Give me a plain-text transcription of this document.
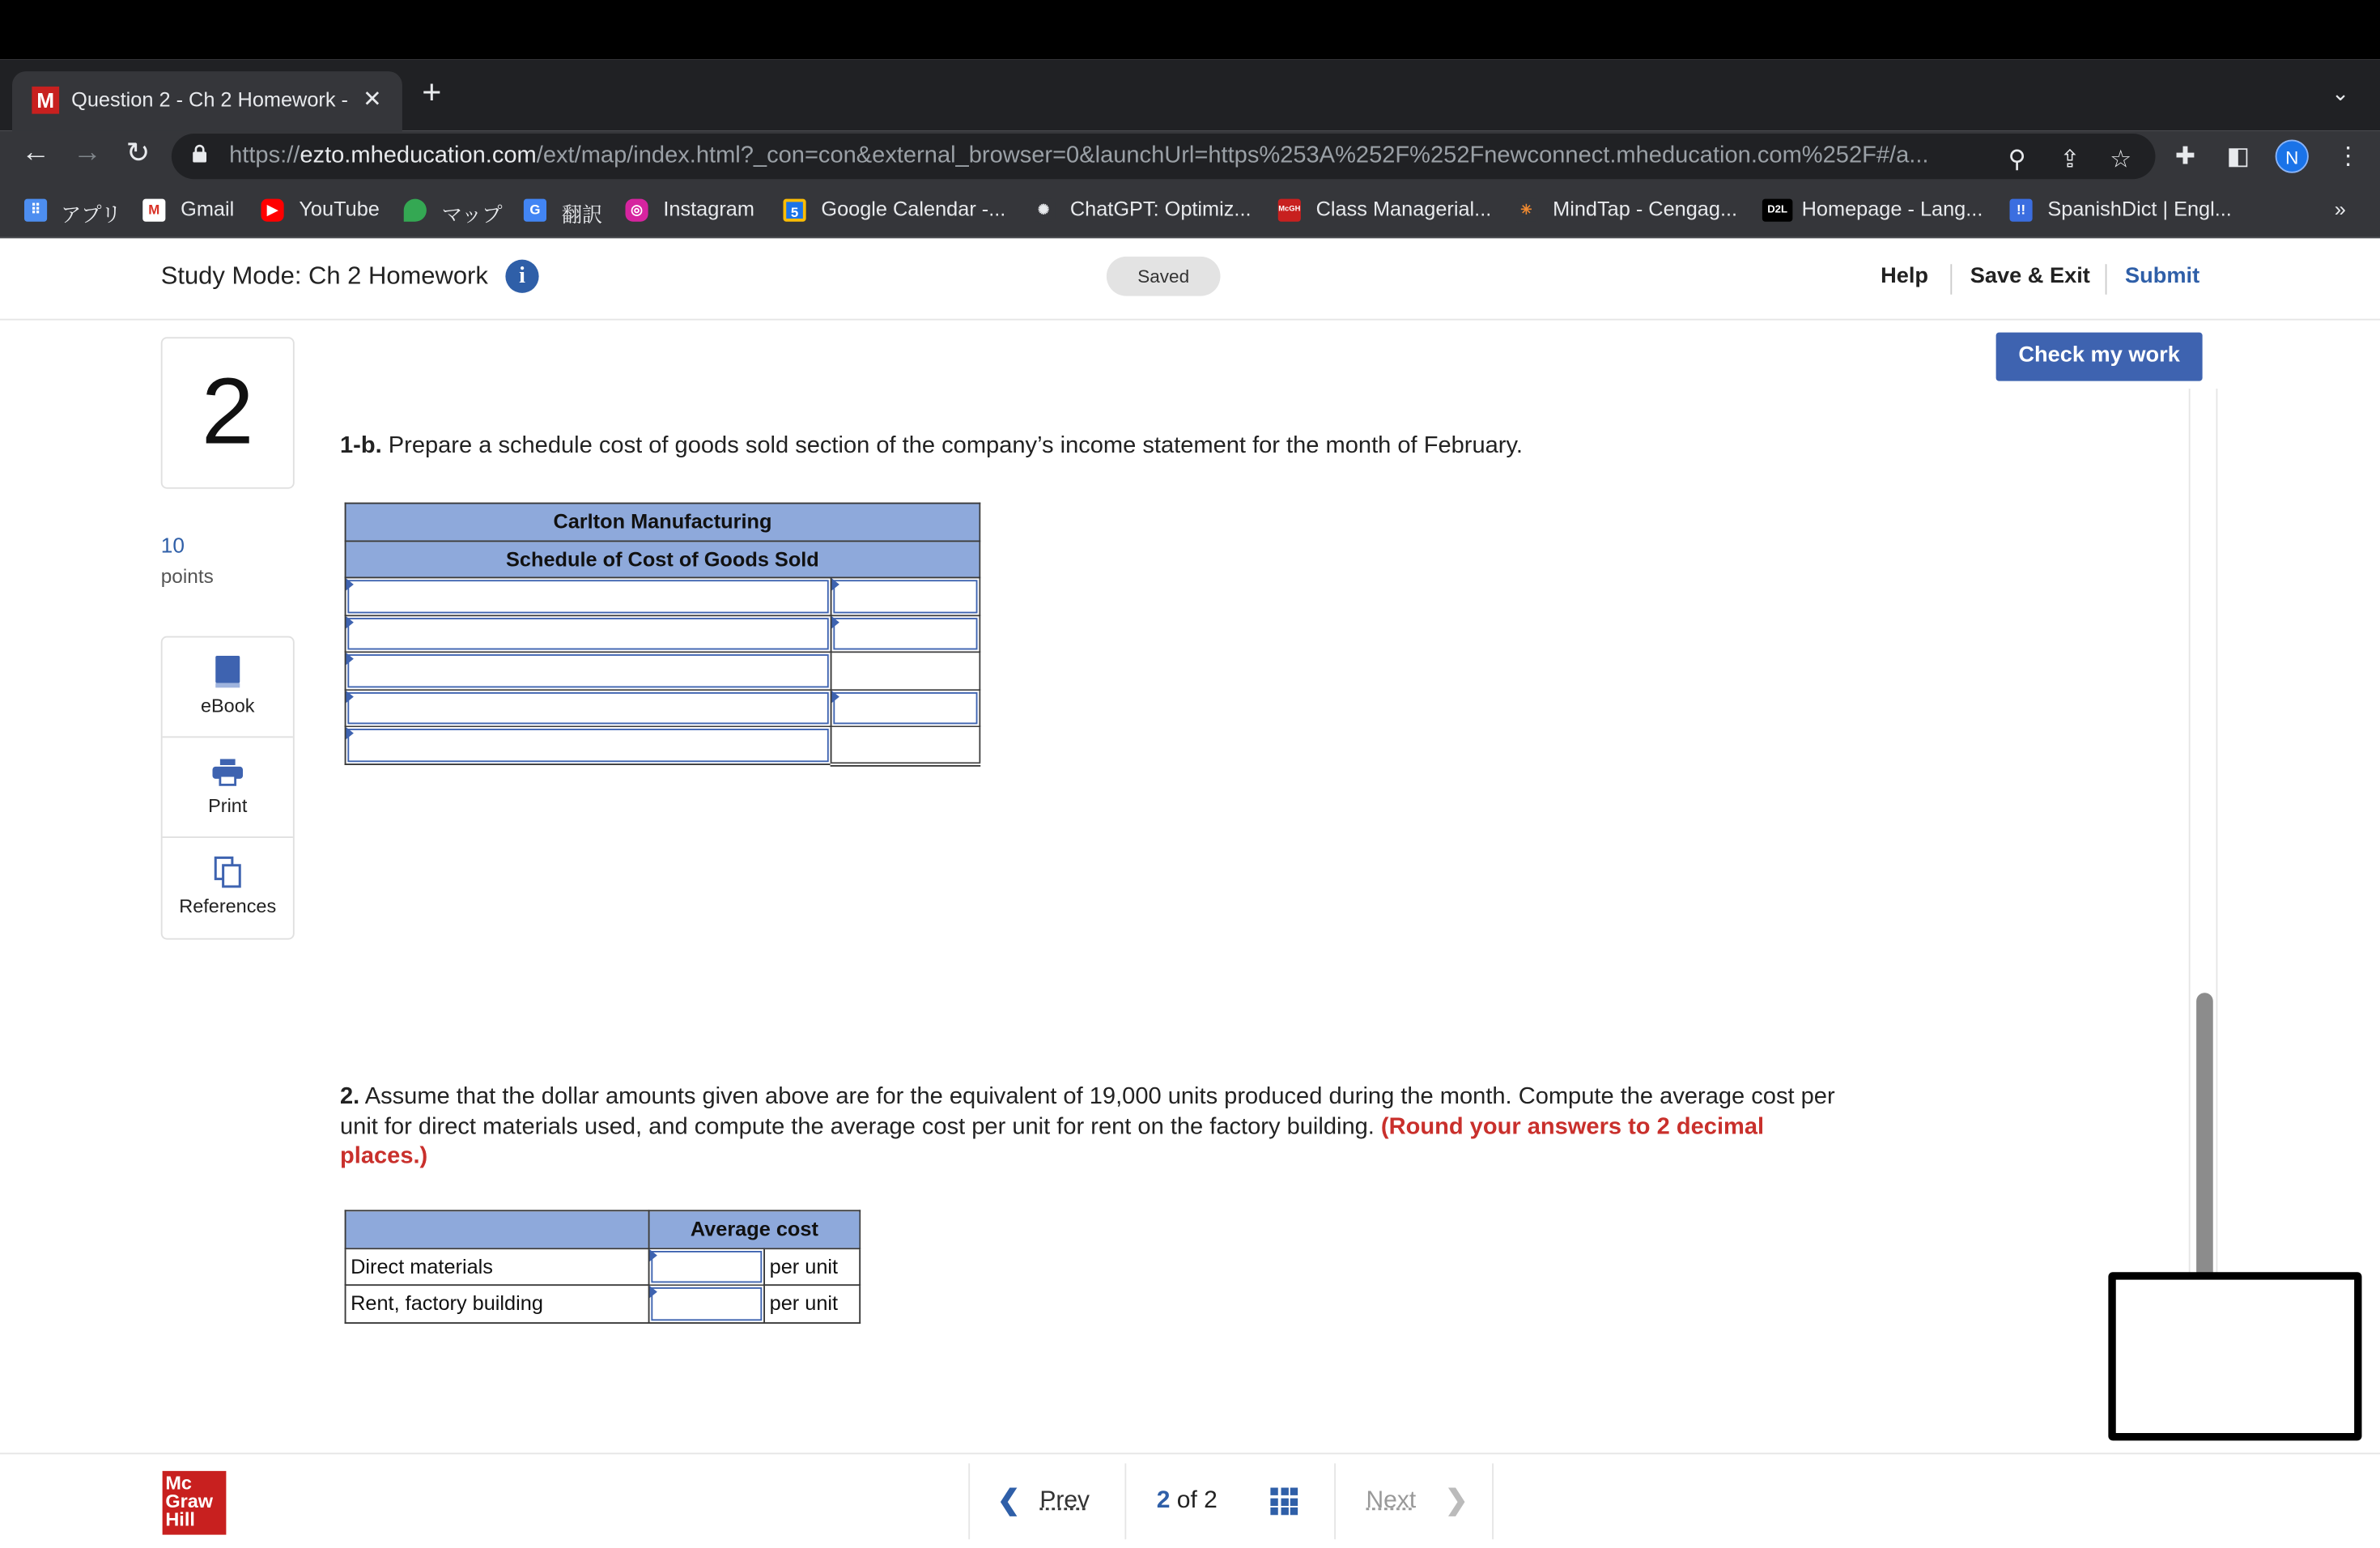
M	Question 2 - Ch 2 Homework -	✕ +	⌄
← → ↻	https://ezto.mheducation.com/ext/map/index.html?_con=con&external_browser=0&launchUrl=https%253A%252F%252Fnewconnect.mheducation.com%252F#/a...	⚲	⇪ ☆	✚ ◧	⋮
N
⠿	アプリ	M	Gmail	▶	YouTube	マップ	G	翻訳	◎	Instagram	5	Google Calendar -...	✺	ChatGPT: Optimiz...	McGH Class Managerial...	✳	MindTap - Cengag...	D2L	Homepage - Lang...	!!	SpanishDict | Engl...	»
Study Mode: Ch 2 Homework	i	Saved	Help	Save & Exit	Submit
2
10
points
eBook
Print
References
Check my work
1-b. Prepare a schedule cost of goods sold section of the company’s income statement for the month of February.
Carlton Manufacturing	
Schedule of Cost of Goods Sold	

2. Assume that the dollar amounts given above are for the equivalent of 19,000 units produced during the month. Compute the average cost per unit for direct materials used, and compute the average cost per unit for rent on the factory building. (Round your answers to 2 decimal places.)
	Average cost	
Direct materials		per unit
Rent, factory building		per unit
Mc
Graw
Hill
❮ Prev	2 of 2	Next ❯
